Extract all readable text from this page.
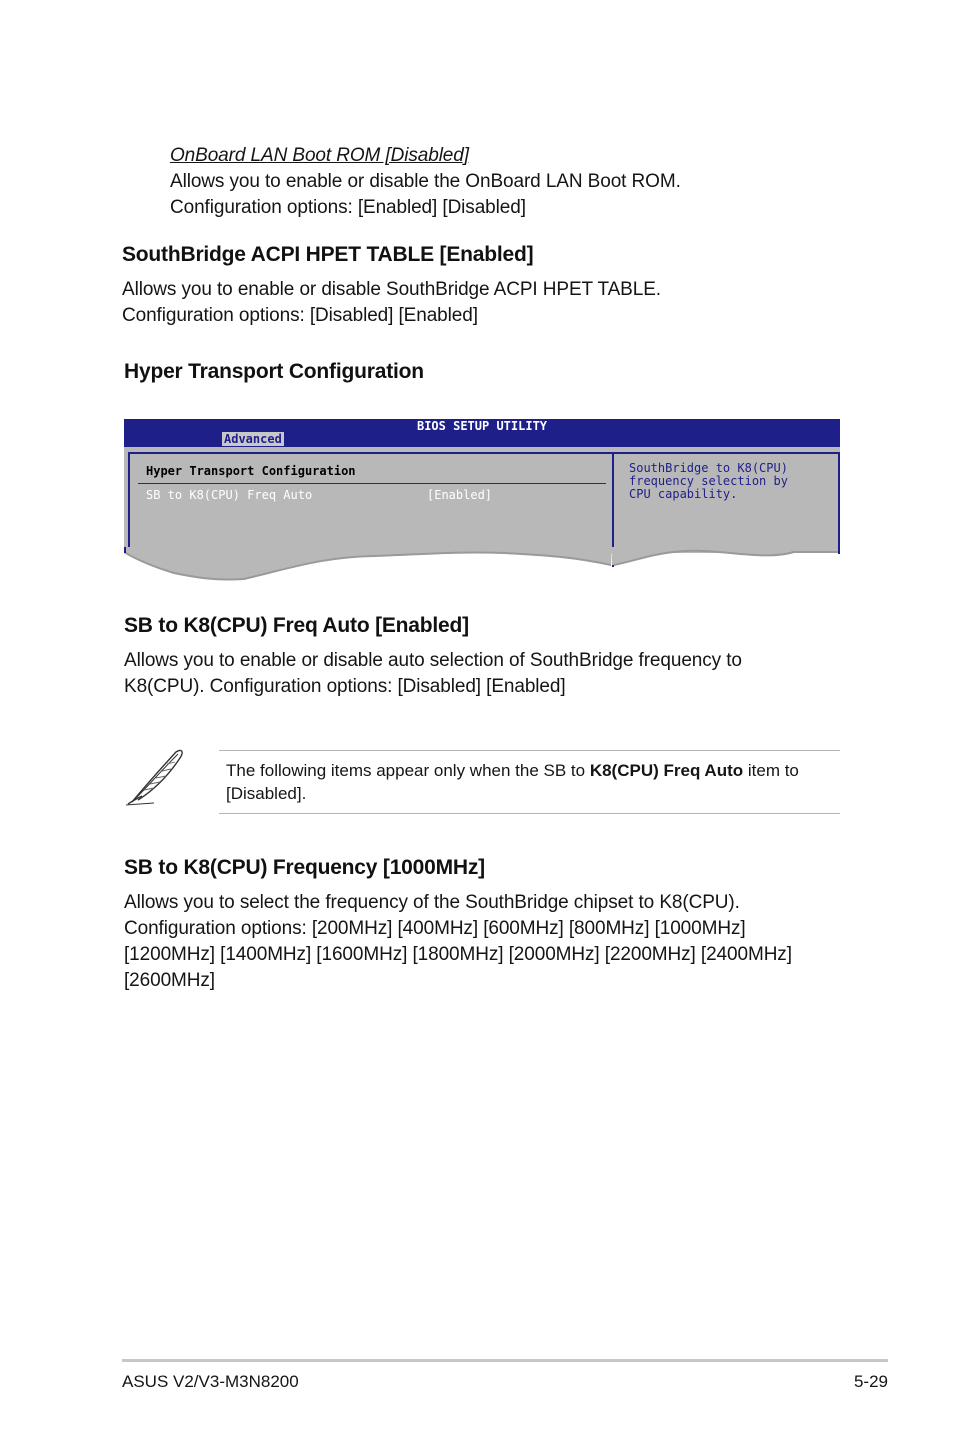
OnBoard LAN Boot ROM [Disabled]
Allows you to enable or disable the OnBoard LAN Boot ROM.
Configuration options: [Enabled] [Disabled]
SouthBridge ACPI HPET TABLE [Enabled]
Allows you to enable or disable SouthBridge ACPI HPET TABLE.
Configuration options: [Disabled] [Enabled]
Hyper Transport Configuration
BIOS SETUP UTILITY
Advanced
Hyper Transport Configuration
SB to K8(CPU) Freq Auto	[Enabled]
SouthBridge to K8(CPU)
frequency selection by
CPU capability.
SB to K8(CPU) Freq Auto [Enabled]
Allows you to enable or disable auto selection of SouthBridge frequency to
K8(CPU). Configuration options: [Disabled] [Enabled]
The following items appear only when the SB to K8(CPU) Freq Auto item to
[Disabled].
SB to K8(CPU) Frequency [1000MHz]
Allows you to select the frequency of the SouthBridge chipset to K8(CPU).
Configuration options: [200MHz] [400MHz] [600MHz] [800MHz] [1000MHz]
[1200MHz] [1400MHz] [1600MHz] [1800MHz] [2000MHz] [2200MHz] [2400MHz]
[2600MHz]
ASUS V2/V3-M3N8200	5-29
